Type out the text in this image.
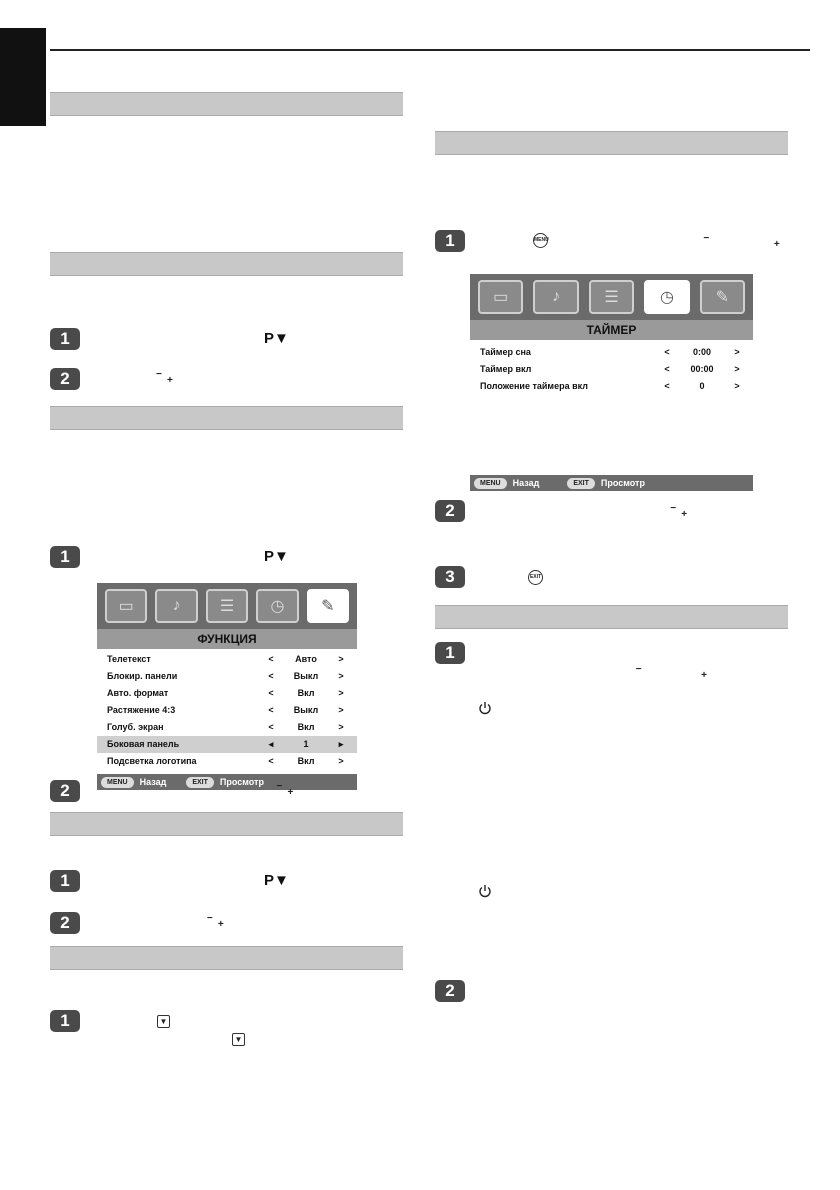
1	P▼
2	−
+

1	P▼
▭	♪	☰	◷	✎
ФУНКЦИЯ
Телетекст	<	Авто	>
Блокир. панели	<	Выкл	>
Авто. формат	<	Вкл	>
Растяжение 4:3	<	Выкл	>
Голуб. экран	<	Вкл	>
Боковая панель	◂	1	▸
Подсветка логотипа	<	Вкл	>
MENU	Назад	EXIT	Просмотр
2	−
+

1	P▼
2	−
+

1	▼
▼
1	MENU	−

+

▭	♪	☰	◷	✎
ТАЙМЕР
Таймер сна	<	0:00	>
Таймер вкл	<	00:00	>
Положение таймера вкл	<	0	>
MENU	Назад	EXIT	Просмотр
2	−
+

3	EXIT
1
−

+
2
